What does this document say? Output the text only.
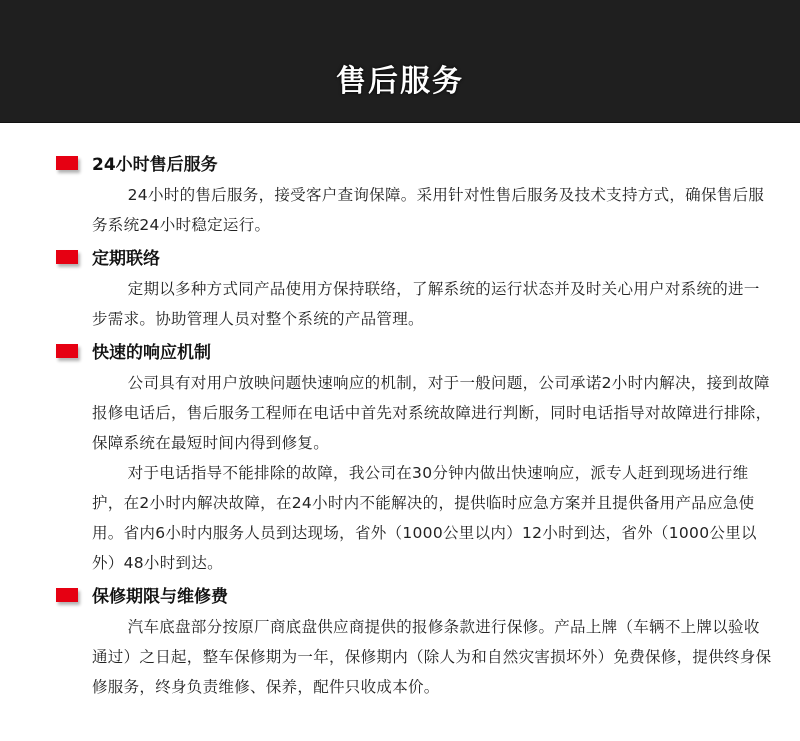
售后服务
24小时售后服务
24小时的售后服务，接受客户查询保障。采用针对性售后服务及技术支持方式，确保售后服务系统24小时稳定运行。
定期联络
定期以多种方式同产品使用方保持联络，了解系统的运行状态并及时关心用户对系统的进一步需求。协助管理人员对整个系统的产品管理。
快速的响应机制
公司具有对用户放映问题快速响应的机制，对于一般问题，公司承诺2小时内解决，接到故障报修电话后，售后服务工程师在电话中首先对系统故障进行判断，同时电话指导对故障进行排除，保障系统在最短时间内得到修复。
对于电话指导不能排除的故障，我公司在30分钟内做出快速响应，派专人赶到现场进行维护，在2小时内解决故障，在24小时内不能解决的，提供临时应急方案并且提供备用产品应急使用。省内6小时内服务人员到达现场，省外（1000公里以内）12小时到达，省外（1000公里以外）48小时到达。
保修期限与维修费
汽车底盘部分按原厂商底盘供应商提供的报修条款进行保修。产品上牌（车辆不上牌以验收通过）之日起，整车保修期为一年，保修期内（除人为和自然灾害损坏外）免费保修，提供终身保修服务，终身负责维修、保养，配件只收成本价。
